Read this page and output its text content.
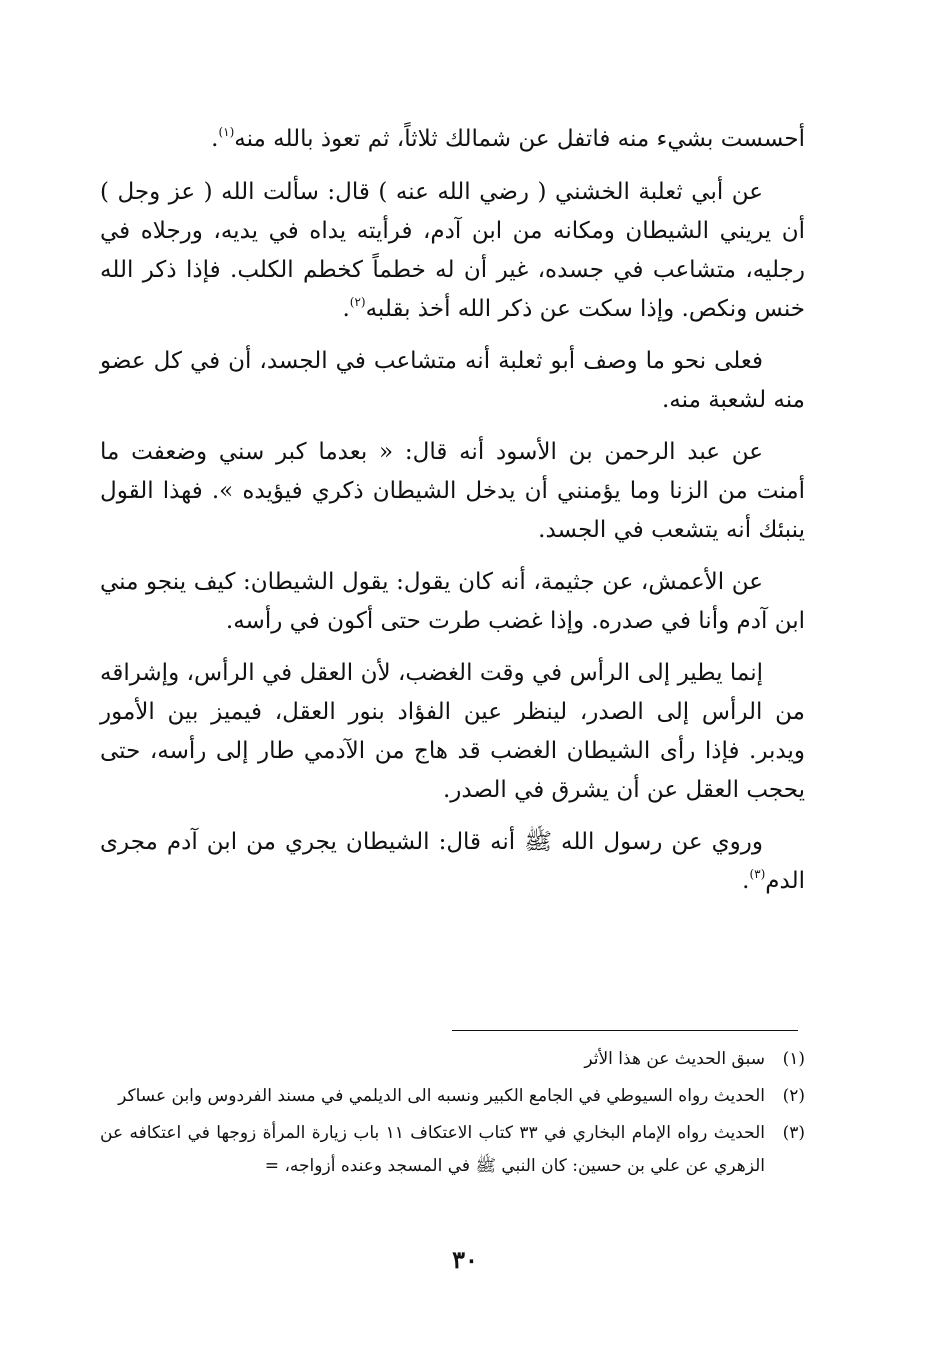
أحسست بشيء منه فاتفل عن شمالك ثلاثاً، ثم تعوذ بالله منه$^{(١)}$.

عن أبي ثعلبة الخشني ( رضي الله عنه ) قال: سألت الله ( عز وجل ) أن يريني الشيطان ومكانه من ابن آدم، فرأيته يداه في يديه، ورجلاه في رجليه، متشاعب في جسده، غير أن له خطماً كخطم الكلب. فإذا ذكر الله خنس ونكص. وإذا سكت عن ذكر الله أخذ بقلبه$^{(٢)}$.

فعلى نحو ما وصف أبو ثعلبة أنه متشاعب في الجسد، أن في كل عضو منه لشعبة منه.

عن عبد الرحمن بن الأسود أنه قال: « بعدما كبر سني وضعفت ما أمنت من الزنا وما يؤمنني أن يدخل الشيطان ذكري فيؤيده ». فهذا القول ينبئك أنه يتشعب في الجسد.

عن الأعمش، عن جثيمة، أنه كان يقول: يقول الشيطان: كيف ينجو مني ابن آدم وأنا في صدره. وإذا غضب طرت حتى أكون في رأسه.

إنما يطير إلى الرأس في وقت الغضب، لأن العقل في الرأس، وإشراقه من الرأس إلى الصدر، لينظر عين الفؤاد بنور العقل، فيميز بين الأمور ويدبر. فإذا رأى الشيطان الغضب قد هاج من الآدمي طار إلى رأسه، حتى يحجب العقل عن أن يشرق في الصدر.

وروي عن رسول الله ﷺ أنه قال: الشيطان يجري من ابن آدم مجرى الدم$^{(٣)}$.

(١)
سبق الحديث عن هذا الأثر
(٢)
الحديث رواه السيوطي في الجامع الكبير ونسبه الى الديلمي في مسند الفردوس وابن عساكر
(٣)
الحديث رواه الإمام البخاري في ٣٣ كتاب الاعتكاف ١١ باب زيارة المرأة زوجها في اعتكافه عن الزهري عن علي بن حسين: كان النبي ﷺ في المسجد وعنده أزواجه، =
٣٠
